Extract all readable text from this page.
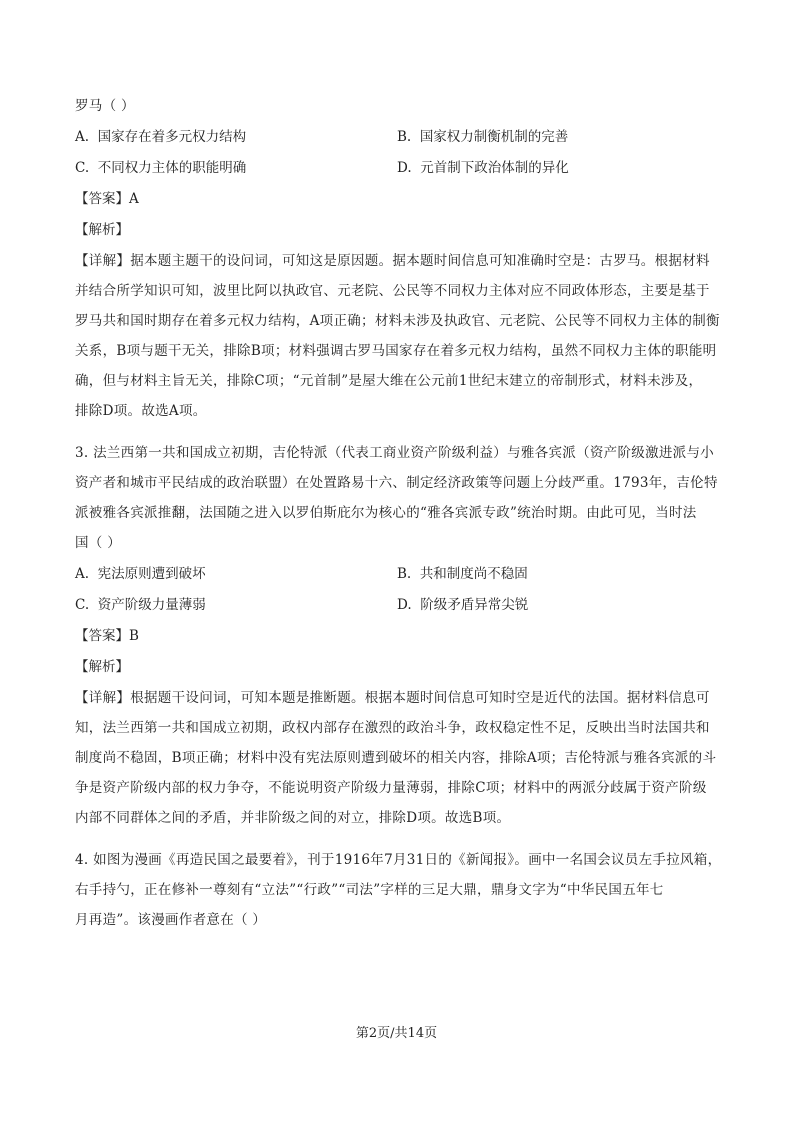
罗马（ ）
A. 国家存在着多元权力结构	B. 国家权力制衡机制的完善
C. 不同权力主体的职能明确	D. 元首制下政治体制的异化
【答案】A
【解析】
【详解】据本题主题干的设问词，可知这是原因题。据本题时间信息可知准确时空是：古罗马。根据材料
并结合所学知识可知，波里比阿以执政官、元老院、公民等不同权力主体对应不同政体形态，主要是基于
罗马共和国时期存在着多元权力结构，A项正确；材料未涉及执政官、元老院、公民等不同权力主体的制衡
关系，B项与题干无关，排除B项；材料强调古罗马国家存在着多元权力结构，虽然不同权力主体的职能明
确，但与材料主旨无关，排除C项；“元首制”是屋大维在公元前1世纪末建立的帝制形式，材料未涉及，
排除D项。故选A项。
3. 法兰西第一共和国成立初期，吉伦特派（代表工商业资产阶级利益）与雅各宾派（资产阶级激进派与小
资产者和城市平民结成的政治联盟）在处置路易十六、制定经济政策等问题上分歧严重。1793年，吉伦特
派被雅各宾派推翻，法国随之进入以罗伯斯庇尔为核心的“雅各宾派专政”统治时期。由此可见，当时法
国（ ）
A. 宪法原则遭到破坏	B. 共和制度尚不稳固
C. 资产阶级力量薄弱	D. 阶级矛盾异常尖锐
【答案】B
【解析】
【详解】根据题干设问词，可知本题是推断题。根据本题时间信息可知时空是近代的法国。据材料信息可
知，法兰西第一共和国成立初期，政权内部存在激烈的政治斗争，政权稳定性不足，反映出当时法国共和
制度尚不稳固，B项正确；材料中没有宪法原则遭到破坏的相关内容，排除A项；吉伦特派与雅各宾派的斗
争是资产阶级内部的权力争夺，不能说明资产阶级力量薄弱，排除C项；材料中的两派分歧属于资产阶级
内部不同群体之间的矛盾，并非阶级之间的对立，排除D项。故选B项。
4. 如图为漫画《再造民国之最要着》，刊于1916年7月31日的《新闻报》。画中一名国会议员左手拉风箱，
右手持勺，正在修补一尊刻有“立法”“行政”“司法”字样的三足大鼎，鼎身文字为“中华民国五年七
月再造”。该漫画作者意在（ ）
第2页/共14页
